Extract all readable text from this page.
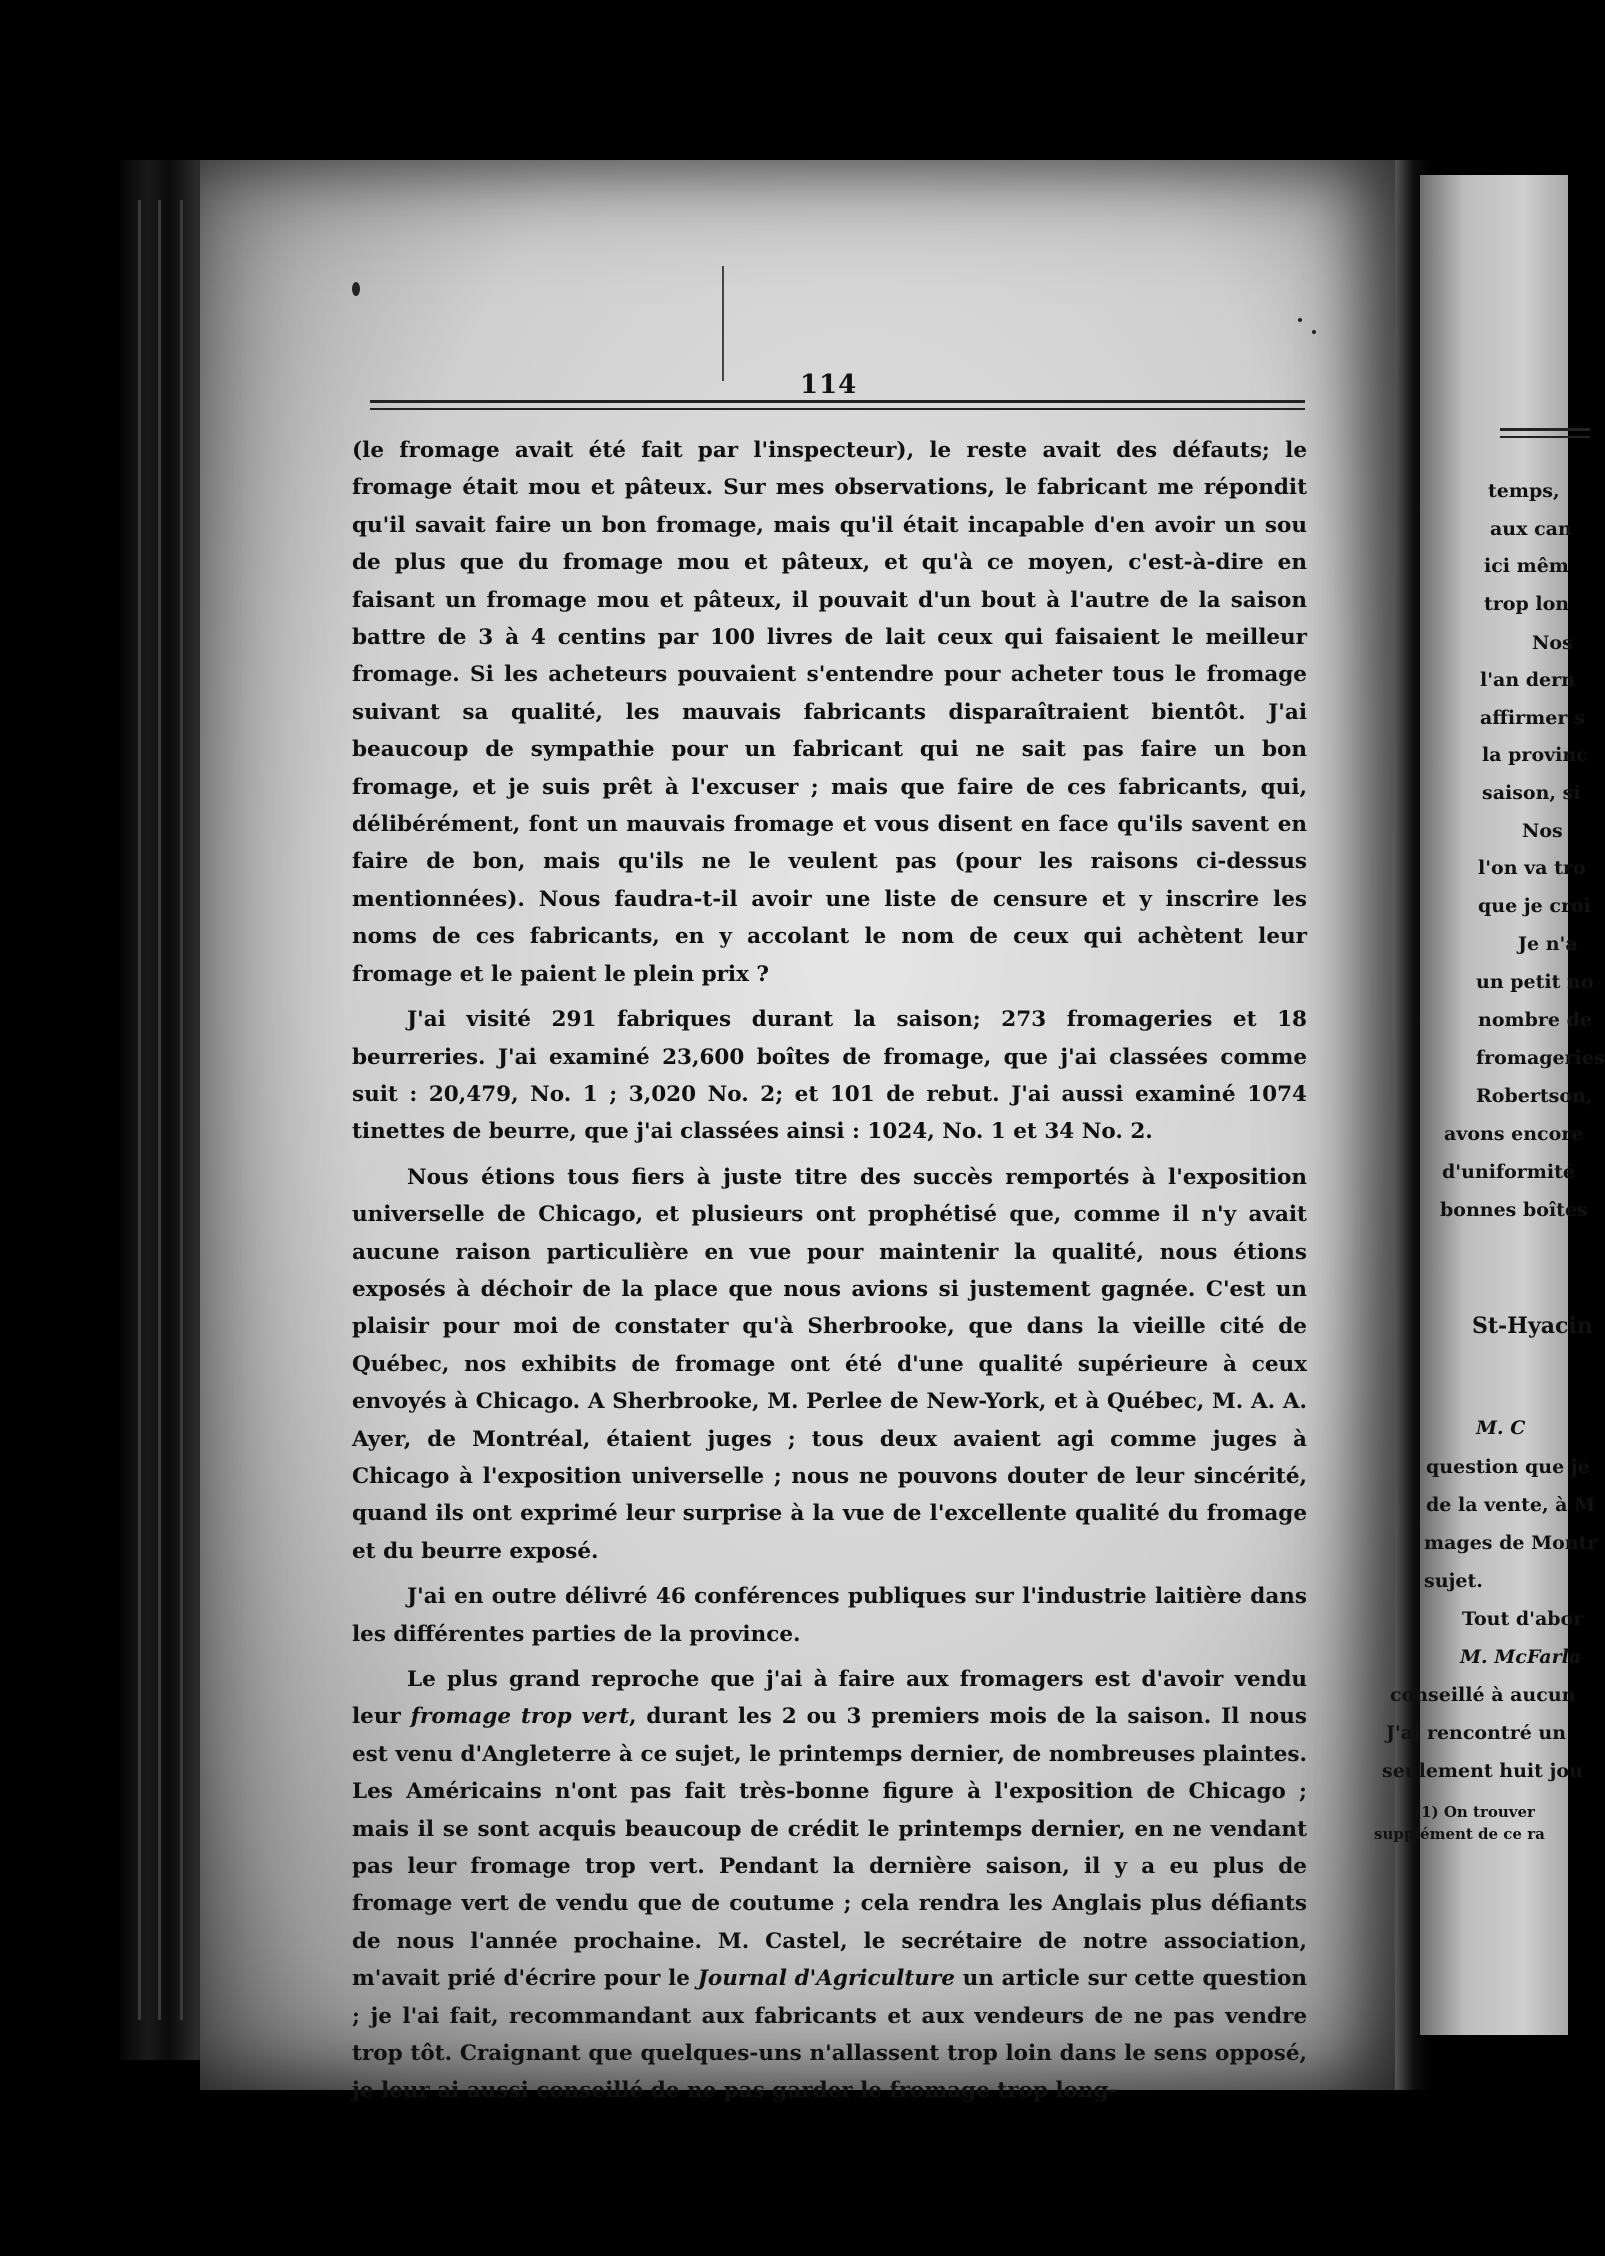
114

(le fromage avait été fait par l'inspecteur), le reste avait des défauts; le fromage était mou et pâteux. Sur mes observations, le fabricant me répondit qu'il savait faire un bon fromage, mais qu'il était incapable d'en avoir un sou de plus que du fromage mou et pâteux, et qu'à ce moyen, c'est-à-dire en faisant un fromage mou et pâteux, il pouvait d'un bout à l'autre de la saison battre de 3 à 4 centins par 100 livres de lait ceux qui faisaient le meilleur fromage. Si les acheteurs pouvaient s'entendre pour acheter tous le fromage suivant sa qualité, les mauvais fabricants disparaîtraient bientôt. J'ai beaucoup de sympathie pour un fabricant qui ne sait pas faire un bon fromage, et je suis prêt à l'excuser ; mais que faire de ces fabricants, qui, délibérément, font un mauvais fromage et vous disent en face qu'ils savent en faire de bon, mais qu'ils ne le veulent pas (pour les raisons ci-dessus mentionnées). Nous faudra-t-il avoir une liste de censure et y inscrire les noms de ces fabricants, en y accolant le nom de ceux qui achètent leur fromage et le paient le plein prix ?

J'ai visité 291 fabriques durant la saison; 273 fromageries et 18 beurreries. J'ai examiné 23,600 boîtes de fromage, que j'ai classées comme suit : 20,479, No. 1 ; 3,020 No. 2; et 101 de rebut. J'ai aussi examiné 1074 tinettes de beurre, que j'ai classées ainsi : 1024, No. 1 et 34 No. 2.

Nous étions tous fiers à juste titre des succès remportés à l'exposition universelle de Chicago, et plusieurs ont prophétisé que, comme il n'y avait aucune raison particulière en vue pour maintenir la qualité, nous étions exposés à déchoir de la place que nous avions si justement gagnée. C'est un plaisir pour moi de constater qu'à Sherbrooke, que dans la vieille cité de Québec, nos exhibits de fromage ont été d'une qualité supérieure à ceux envoyés à Chicago. A Sherbrooke, M. Perlee de New-York, et à Québec, M. A. A. Ayer, de Montréal, étaient juges ; tous deux avaient agi comme juges à Chicago à l'exposition universelle ; nous ne pouvons douter de leur sincérité, quand ils ont exprimé leur surprise à la vue de l'excellente qualité du fromage et du beurre exposé.

J'ai en outre délivré 46 conférences publiques sur l'industrie laitière dans les différentes parties de la province.

Le plus grand reproche que j'ai à faire aux fromagers est d'avoir vendu leur fromage trop vert, durant les 2 ou 3 premiers mois de la saison. Il nous est venu d'Angleterre à ce sujet, le printemps dernier, de nombreuses plaintes. Les Américains n'ont pas fait très-bonne figure à l'exposition de Chicago ; mais il se sont acquis beaucoup de crédit le printemps dernier, en ne vendant pas leur fromage trop vert. Pendant la dernière saison, il y a eu plus de fromage vert de vendu que de coutume ; cela rendra les Anglais plus défiants de nous l'année prochaine. M. Castel, le secrétaire de notre association, m'avait prié d'écrire pour le Journal d'Agriculture un article sur cette question ; je l'ai fait, recommandant aux fabricants et aux vendeurs de ne pas vendre trop tôt. Craignant que quelques-uns n'allassent trop loin dans le sens opposé, je leur ai aussi conseillé de ne pas garder le fromage trop long-

temps,
aux can
ici mêm
trop lon
Nos
l'an dern
affirmer s
la provinc
saison, si
Nos
l'on va tro
que je croi
Je n'a
un petit no
nombre de
fromageries
Robertson,
avons encore
d'uniformité
bonnes boîtes
St-Hyacin
M. C
question que je
de la vente, à M
mages de Montr
sujet.
Tout d'abor
M. McFarla
conseillé à aucun
J'ai rencontré un
seulement huit jou
(1) On trouver
supplément de ce ra
